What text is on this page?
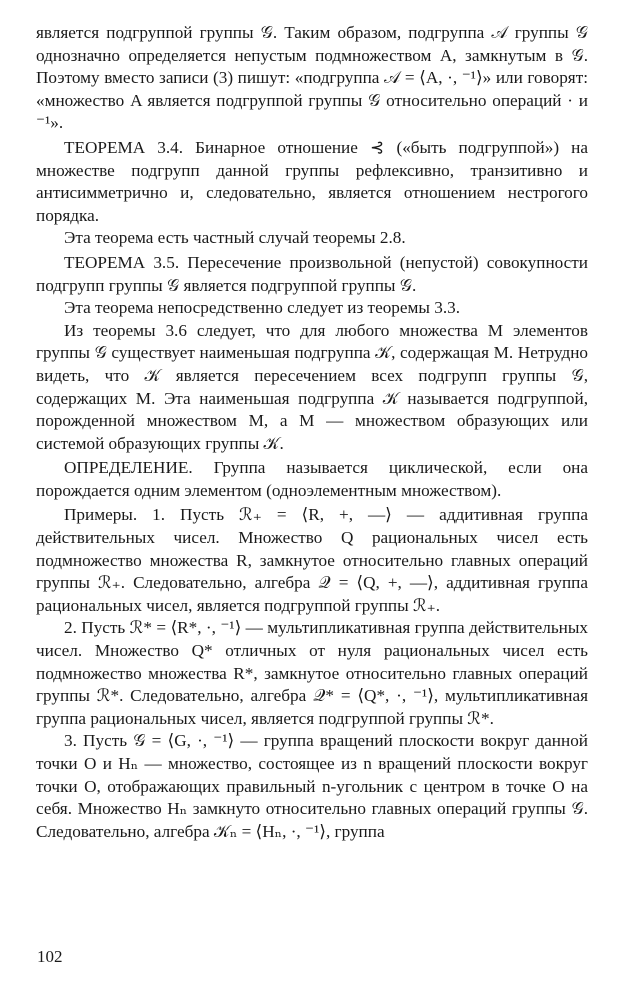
является подгруппой группы 𝒢. Таким образом, подгруппа 𝒜 группы 𝒢 однозначно определяется непустым подмножеством A, замкнутым в 𝒢. Поэтому вместо записи (3) пишут: «подгруппа 𝒜 = ⟨A, ·, ⁻¹⟩» или говорят: «множество A является подгруппой группы 𝒢 относительно операций · и ⁻¹».

ТЕОРЕМА 3.4. Бинарное отношение ⊰ («быть подгруппой») на множестве подгрупп данной группы рефлексивно, транзитивно и антисимметрично и, следовательно, является отношением нестрогого порядка.

Эта теорема есть частный случай теоремы 2.8.

ТЕОРЕМА 3.5. Пересечение произвольной (непустой) совокупности подгрупп группы 𝒢 является подгруппой группы 𝒢.

Эта теорема непосредственно следует из теоремы 3.3.

Из теоремы 3.6 следует, что для любого множества M элементов группы 𝒢 существует наименьшая подгруппа 𝒦, содержащая M. Нетрудно видеть, что 𝒦 является пересечением всех подгрупп группы 𝒢, содержащих M. Эта наименьшая подгруппа 𝒦 называется подгруппой, порожденной множеством M, а M — множеством образующих или системой образующих группы 𝒦.

ОПРЕДЕЛЕНИЕ. Группа называется циклической, если она порождается одним элементом (одноэлементным множеством).

Примеры. 1. Пусть ℛ₊ = ⟨R, +, —⟩ — аддитивная группа действительных чисел. Множество Q рациональных чисел есть подмножество множества R, замкнутое относительно главных операций группы ℛ₊. Следовательно, алгебра 𝒬 = ⟨Q, +, —⟩, аддитивная группа рациональных чисел, является подгруппой группы ℛ₊.

2. Пусть ℛ* = ⟨R*, ·, ⁻¹⟩ — мультипликативная группа действительных чисел. Множество Q* отличных от нуля рациональных чисел есть подмножество множества R*, замкнутое относительно главных операций группы ℛ*. Следовательно, алгебра 𝒬* = ⟨Q*, ·, ⁻¹⟩, мультипликативная группа рациональных чисел, является подгруппой группы ℛ*.

3. Пусть 𝒢 = ⟨G, ·, ⁻¹⟩ — группа вращений плоскости вокруг данной точки O и Hₙ — множество, состоящее из n вращений плоскости вокруг точки O, отображающих правильный n-угольник с центром в точке O на себя. Множество Hₙ замкнуто относительно главных операций группы 𝒢. Следовательно, алгебра 𝒦ₙ = ⟨Hₙ, ·, ⁻¹⟩, группа

102
